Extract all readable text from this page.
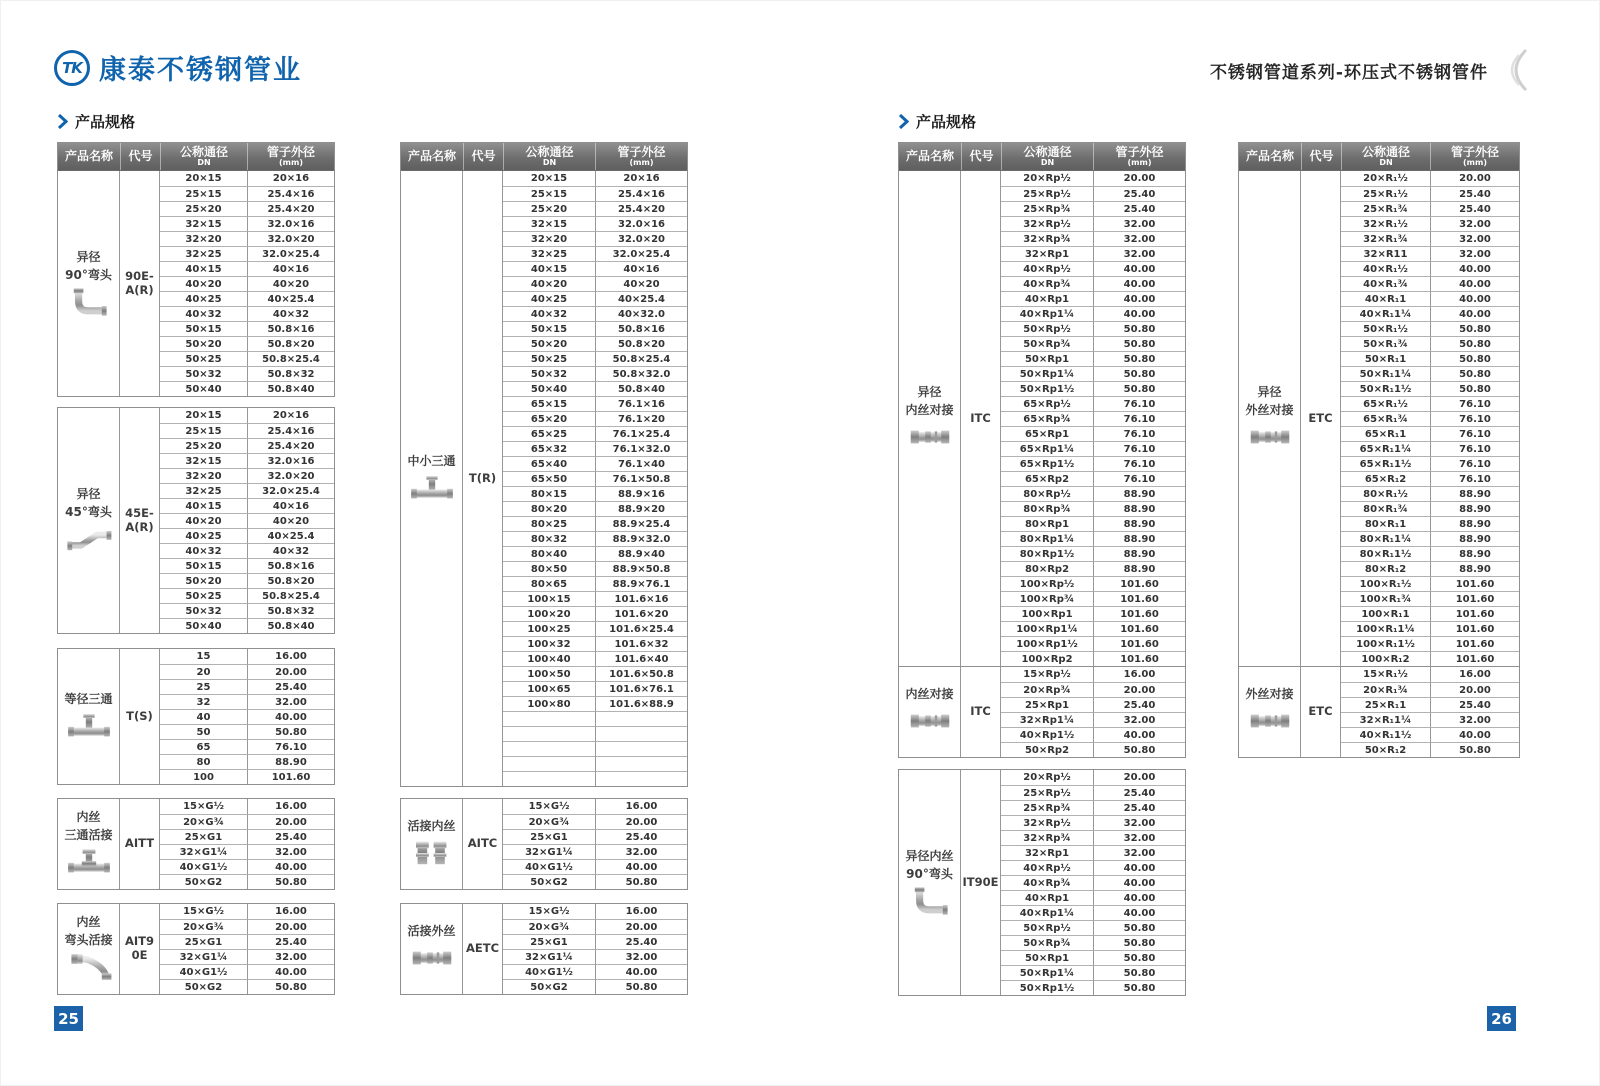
TK 康泰不锈钢管业	不锈钢管道系列-环压式不锈钢管件
产品规格	产品规格
产品名称 代号 公称通径
DN
管子外径
(mm)
异径
90°弯头	90E-A(R)
20×15	20×16
25×15	25.4×16
25×20	25.4×20
32×15	32.0×16
32×20	32.0×20
32×25	32.0×25.4
40×15	40×16
40×20	40×20
40×25	40×25.4
40×32	40×32
50×15	50.8×16
50×20	50.8×20
50×25	50.8×25.4
50×32	50.8×32
50×40	50.8×40
异径
45°弯头	45E-A(R)
20×15	20×16
25×15	25.4×16
25×20	25.4×20
32×15	32.0×16
32×20	32.0×20
32×25	32.0×25.4
40×15	40×16
40×20	40×20
40×25	40×25.4
40×32	40×32
50×15	50.8×16
50×20	50.8×20
50×25	50.8×25.4
50×32	50.8×32
50×40	50.8×40
等径三通
T(S)
15	16.00
20	20.00
25	25.40
32	32.00
40	40.00
50	50.80
65	76.10
80	88.90
100	101.60
内丝
三通活接
AITT
15×G½	16.00
20×G¾	20.00
25×G1	25.40
32×G1¼	32.00
40×G1½	40.00
50×G2	50.80
内丝
弯头活接	AIT90E
15×G½	16.00
20×G¾	20.00
25×G1	25.40
32×G1¼	32.00
40×G1½	40.00
50×G2	50.80
产品名称 代号 公称通径
DN
管子外径
(mm)
中小三通
T(R)
20×15	20×16
25×15	25.4×16
25×20	25.4×20
32×15	32.0×16
32×20	32.0×20
32×25	32.0×25.4
40×15	40×16
40×20	40×20
40×25	40×25.4
40×32	40×32.0
50×15	50.8×16
50×20	50.8×20
50×25	50.8×25.4
50×32	50.8×32.0
50×40	50.8×40
65×15	76.1×16
65×20	76.1×20
65×25	76.1×25.4
65×32	76.1×32.0
65×40	76.1×40
65×50	76.1×50.8
80×15	88.9×16
80×20	88.9×20
80×25	88.9×25.4
80×32	88.9×32.0
80×40	88.9×40
80×50	88.9×50.8
80×65	88.9×76.1
100×15	101.6×16
100×20	101.6×20
100×25	101.6×25.4
100×32	101.6×32
100×40	101.6×40
100×50	101.6×50.8
100×65	101.6×76.1
100×80	101.6×88.9
活接内丝
AITC
15×G½	16.00
20×G¾	20.00
25×G1	25.40
32×G1¼	32.00
40×G1½	40.00
50×G2	50.80
活接外丝
AETC
15×G½	16.00
20×G¾	20.00
25×G1	25.40
32×G1¼	32.00
40×G1½	40.00
50×G2	50.80
产品名称 代号 公称通径
DN
管子外径
(mm)
异径
内丝对接
ITC
20×Rp½	20.00
25×Rp½	25.40
25×Rp¾	25.40
32×Rp½	32.00
32×Rp¾	32.00
32×Rp1	32.00
40×Rp½	40.00
40×Rp¾	40.00
40×Rp1	40.00
40×Rp1¼	40.00
50×Rp½	50.80
50×Rp¾	50.80
50×Rp1	50.80
50×Rp1¼	50.80
50×Rp1½	50.80
65×Rp½	76.10
65×Rp¾	76.10
65×Rp1	76.10
65×Rp1¼	76.10
65×Rp1½	76.10
65×Rp2	76.10
80×Rp½	88.90
80×Rp¾	88.90
80×Rp1	88.90
80×Rp1¼	88.90
80×Rp1½	88.90
80×Rp2	88.90
100×Rp½	101.60
100×Rp¾	101.60
100×Rp1	101.60
100×Rp1¼	101.60
100×Rp1½	101.60
100×Rp2	101.60
内丝对接
ITC
15×Rp½	16.00
20×Rp¾	20.00
25×Rp1	25.40
32×Rp1¼	32.00
40×Rp1½	40.00
50×Rp2	50.80
异径内丝
90°弯头
IT90E
20×Rp½	20.00
25×Rp½	25.40
25×Rp¾	25.40
32×Rp½	32.00
32×Rp¾	32.00
32×Rp1	32.00
40×Rp½	40.00
40×Rp¾	40.00
40×Rp1	40.00
40×Rp1¼	40.00
50×Rp½	50.80
50×Rp¾	50.80
50×Rp1	50.80
50×Rp1¼	50.80
50×Rp1½	50.80
产品名称 代号 公称通径
DN
管子外径
(mm)
异径
外丝对接
ETC
20×R₁½	20.00
25×R₁½	25.40
25×R₁¾	25.40
32×R₁½	32.00
32×R₁¾	32.00
32×R11	32.00
40×R₁½	40.00
40×R₁¾	40.00
40×R₁1	40.00
40×R₁1¼	40.00
50×R₁½	50.80
50×R₁¾	50.80
50×R₁1	50.80
50×R₁1¼	50.80
50×R₁1½	50.80
65×R₁½	76.10
65×R₁¾	76.10
65×R₁1	76.10
65×R₁1¼	76.10
65×R₁1½	76.10
65×R₁2	76.10
80×R₁½	88.90
80×R₁¾	88.90
80×R₁1	88.90
80×R₁1¼	88.90
80×R₁1½	88.90
80×R₁2	88.90
100×R₁½	101.60
100×R₁¾	101.60
100×R₁1	101.60
100×R₁1¼	101.60
100×R₁1½	101.60
100×R₁2	101.60
外丝对接
ETC
15×R₁½	16.00
20×R₁¾	20.00
25×R₁1	25.40
32×R₁1¼	32.00
40×R₁1½	40.00
50×R₁2	50.80
25	26
